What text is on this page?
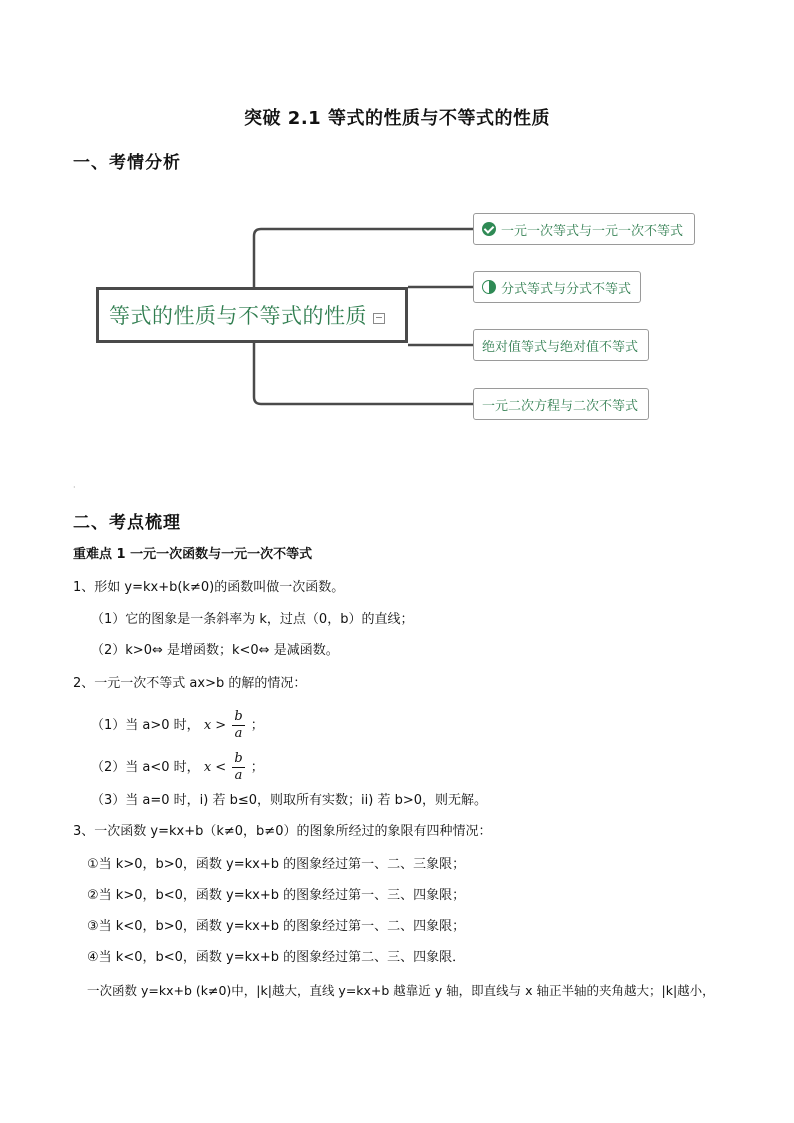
突破 2.1 等式的性质与不等式的性质
一、考情分析
等式的性质与不等式的性质
一元一次等式与一元一次不等式
分式等式与分式不等式
绝对值等式与绝对值不等式
一元二次方程与二次不等式
·
二、考点梳理
重难点 1 一元一次函数与一元一次不等式
1、形如 y=kx+b(k≠0)的函数叫做一次函数。
（1）它的图象是一条斜率为 k，过点（0，b）的直线；
（2）k>0⇔ 是增函数；k<0⇔ 是减函数。
2、一元一次不等式 ax>b 的解的情况：
（1）当 a>0 时， $x > \frac{b}{a}$ ；
（2）当 a<0 时， $x < \frac{b}{a}$ ；
（3）当 a=0 时，i) 若 b≤0，则取所有实数；ii) 若 b>0，则无解。
3、一次函数 y=kx+b（k≠0，b≠0）的图象所经过的象限有四种情况：
①当 k>0，b>0，函数 y=kx+b 的图象经过第一、二、三象限；
②当 k>0，b<0，函数 y=kx+b 的图象经过第一、三、四象限；
③当 k<0，b>0，函数 y=kx+b 的图象经过第一、二、四象限；
④当 k<0，b<0，函数 y=kx+b 的图象经过第二、三、四象限．
一次函数 y=kx+b (k≠0)中，|k|越大，直线 y=kx+b 越靠近 y 轴，即直线与 x 轴正半轴的夹角越大；|k|越小，
